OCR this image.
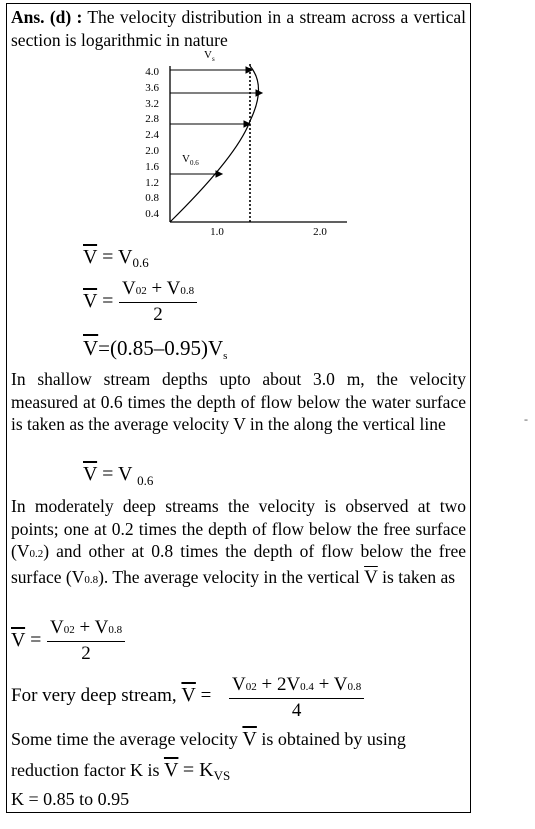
Ans. (d) : The velocity distribution in a stream across a vertical section is logarithmic in nature
4.0
3.6
3.2
2.8
2.4
2.0
1.6
1.2
0.8
0.4
1.0	2.0
$V_s$
$V_{0.6}$
$\overline{V} = V_{0.6}$
$\overline{V} = \frac{V02 + V0.8}{2}$
$\overline{V}=(0.85-0.95)Vs$
In shallow stream depths upto about 3.0 m, the velocity measured at 0.6 times the depth of flow below the water surface is taken as the average velocity V in the along the vertical line
$\overline{V} = V$ $_{0.6}$
In moderately deep streams the velocity is observed at two points; one at 0.2 times the depth of flow below the free surface (V0.2) and other at 0.8 times the depth of flow below the free surface (V0.8). The average velocity in the vertical $\overline{V}$ is taken as
$\overline{V} = \frac{V02 + V0.8}{2}$
For very deep stream, $\overline{V} = \frac{V02 + 2V0.4 + V0.8}{4}$
Some time the average velocity $\overline{V}$ is obtained by using
reduction factor K is $\overline{V} = K_{VS}$
K = 0.85 to 0.95
-
